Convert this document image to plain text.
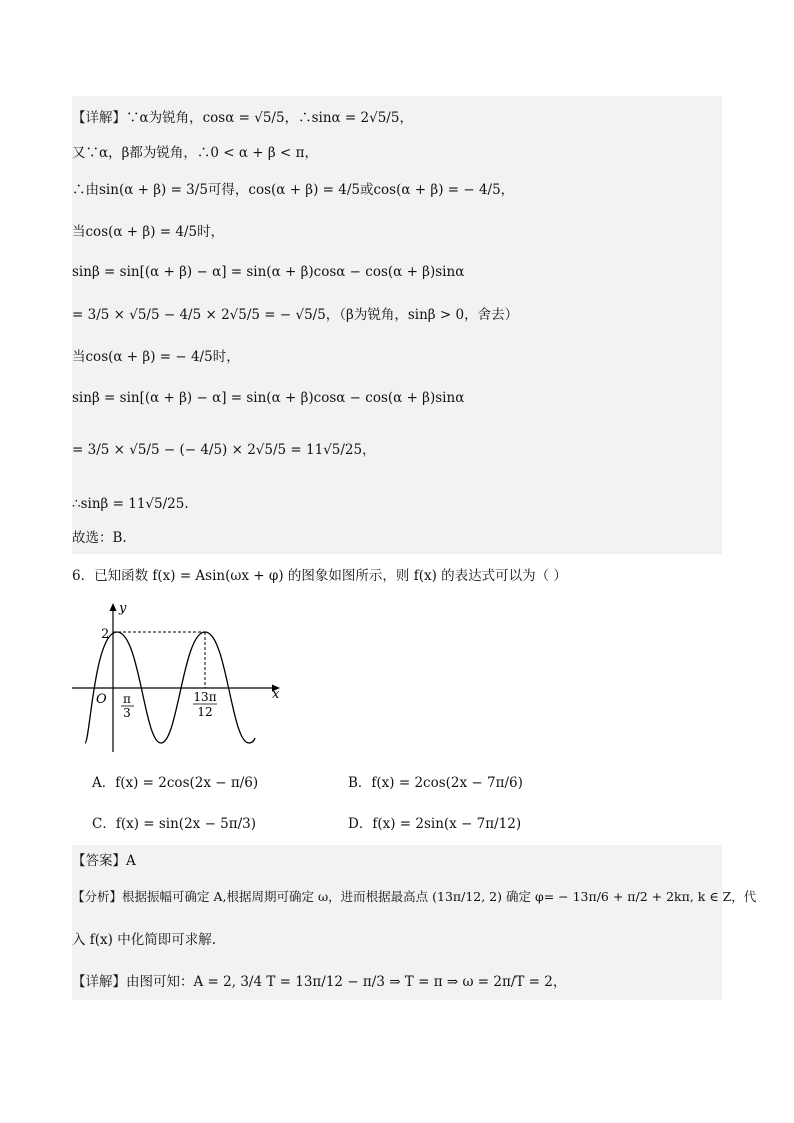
【详解】∵α为锐角，cosα = √5/5，∴sinα = 2√5/5，
又∵α，β都为锐角，∴0 < α + β < π，
∴由sin(α + β) = 3/5可得，cos(α + β) = 4/5或cos(α + β) = − 4/5，
当cos(α + β) = 4/5时，
sinβ = sin[(α + β) − α] = sin(α + β)cosα − cos(α + β)sinα
= 3/5 × √5/5 − 4/5 × 2√5/5 = − √5/5，（β为锐角，sinβ > 0，舍去）
当cos(α + β) = − 4/5时，
sinβ = sin[(α + β) − α] = sin(α + β)cosα − cos(α + β)sinα
= 3/5 × √5/5 − (− 4/5) × 2√5/5 = 11√5/25，
∴sinβ = 11√5/25.
故选：B.
6．已知函数 f(x) = Asin(ωx + φ) 的图象如图所示，则 f(x) 的表达式可以为（ ）
y
x
O
2
π
3
13π
12
A．f(x) = 2cos(2x − π/6)	B．f(x) = 2cos(2x − 7π/6)
C．f(x) = sin(2x − 5π/3)	D．f(x) = 2sin(x − 7π/12)
【答案】A
【分析】根据振幅可确定 A,根据周期可确定 ω，进而根据最高点 (13π/12, 2) 确定 φ= − 13π/6 + π/2 + 2kπ, k ∈ Z，代
入 f(x) 中化简即可求解.
【详解】由图可知：A = 2, 3/4 T = 13π/12 − π/3 ⇒ T = π ⇒ ω = 2π/T = 2，
